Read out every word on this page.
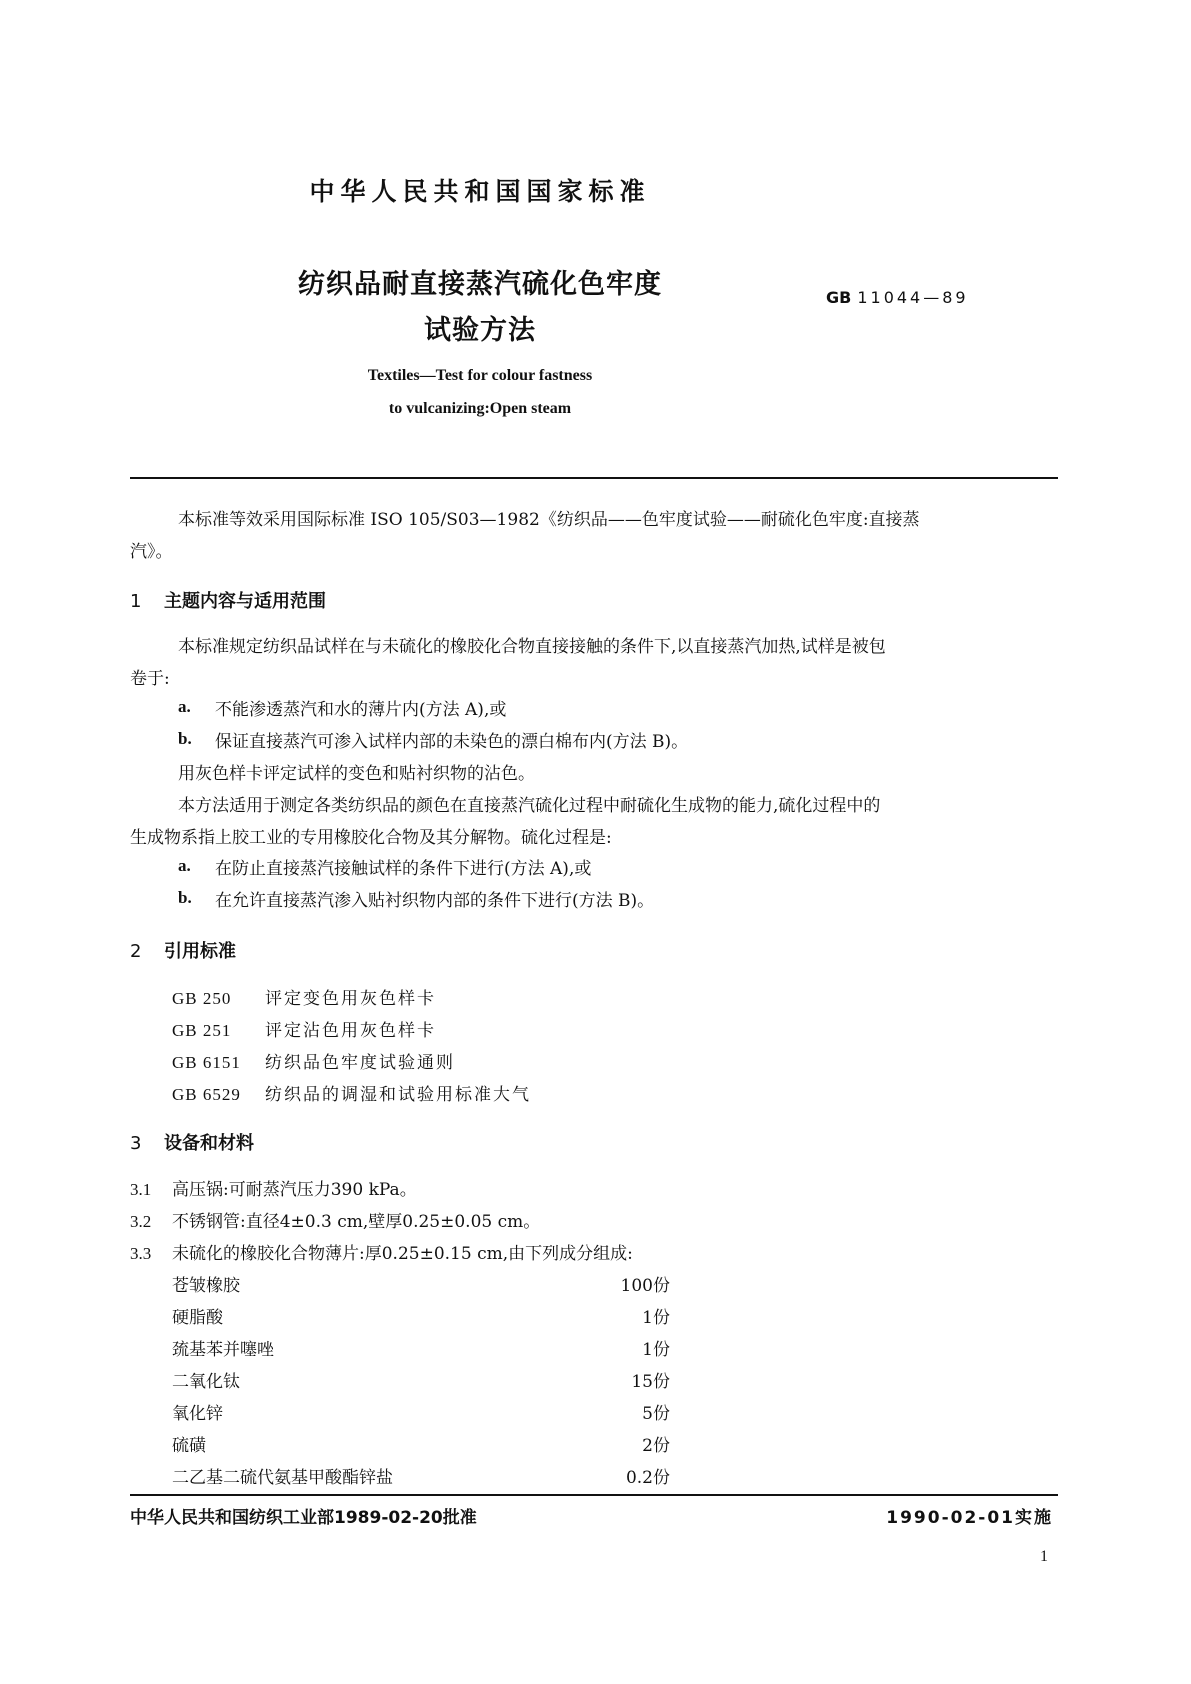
中华人民共和国国家标准
纺织品耐直接蒸汽硫化色牢度
试验方法
GB 11044—89
Textiles—Test for colour fastness
to vulcanizing:Open steam
本标准等效采用国际标准 ISO 105/S03—1982《纺织品——色牢度试验——耐硫化色牢度:直接蒸
汽》。
1 主题内容与适用范围
本标准规定纺织品试样在与未硫化的橡胶化合物直接接触的条件下,以直接蒸汽加热,试样是被包
卷于:
a. 不能渗透蒸汽和水的薄片内(方法 A),或
b. 保证直接蒸汽可渗入试样内部的未染色的漂白棉布内(方法 B)。
用灰色样卡评定试样的变色和贴衬织物的沾色。
本方法适用于测定各类纺织品的颜色在直接蒸汽硫化过程中耐硫化生成物的能力,硫化过程中的
生成物系指上胶工业的专用橡胶化合物及其分解物。硫化过程是:
a. 在防止直接蒸汽接触试样的条件下进行(方法 A),或
b. 在允许直接蒸汽渗入贴衬织物内部的条件下进行(方法 B)。
2 引用标准
GB 250	评定变色用灰色样卡
GB 251	评定沾色用灰色样卡
GB 6151	纺织品色牢度试验通则
GB 6529	纺织品的调湿和试验用标准大气
3 设备和材料
3.1 高压锅:可耐蒸汽压力390 kPa。
3.2 不锈钢管:直径4±0.3 cm,壁厚0.25±0.05 cm。
3.3 未硫化的橡胶化合物薄片:厚0.25±0.15 cm,由下列成分组成:
苍皱橡胶	100份
硬脂酸	1份
巯基苯并噻唑	1份
二氧化钛	15份
氧化锌	5份
硫磺	2份
二乙基二硫代氨基甲酸酯锌盐	0.2份
中华人民共和国纺织工业部1989-02-20批准	1990-02-01实施
1
